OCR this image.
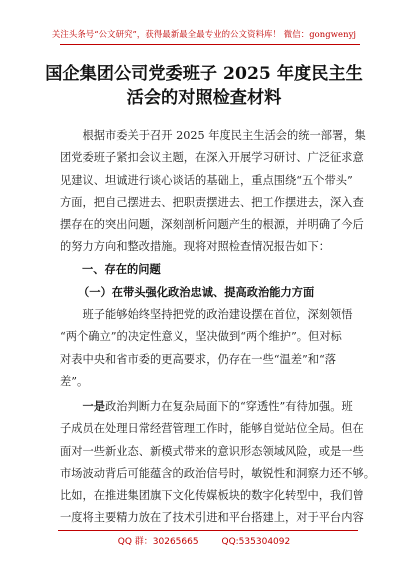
关注头条号“公文研究”，获得最新最全最专业的公文资料库！ 微信：gongwenyj
国企集团公司党委班子 2025 年度民主生
活会的对照检查材料
根据市委关于召开 2025 年度民主生活会的统一部署，集
团党委班子紧扣会议主题，在深入开展学习研讨、广泛征求意
见建议、坦诚进行谈心谈话的基础上，重点围绕“五个带头”
方面，把自己摆进去、把职责摆进去、把工作摆进去，深入查
摆存在的突出问题，深刻剖析问题产生的根源，并明确了今后
的努力方向和整改措施。现将对照检查情况报告如下：
一、存在的问题
（一）在带头强化政治忠诚、提高政治能力方面
班子能够始终坚持把党的政治建设摆在首位，深刻领悟
“两个确立”的决定性意义，坚决做到“两个维护”。但对标
对表中央和省市委的更高要求，仍存在一些“温差”和“落
差”。
一是政治判断力在复杂局面下的“穿透性”有待加强。班
子成员在处理日常经营管理工作时，能够自觉站位全局。但在
面对一些新业态、新模式带来的意识形态领域风险，或是一些
市场波动背后可能蕴含的政治信号时，敏锐性和洞察力还不够。
比如，在推进集团旗下文化传媒板块的数字化转型中，我们曾
一度将主要精力放在了技术引进和平台搭建上，对于平台内容
QQ 群：30265665	QQ:535304092
